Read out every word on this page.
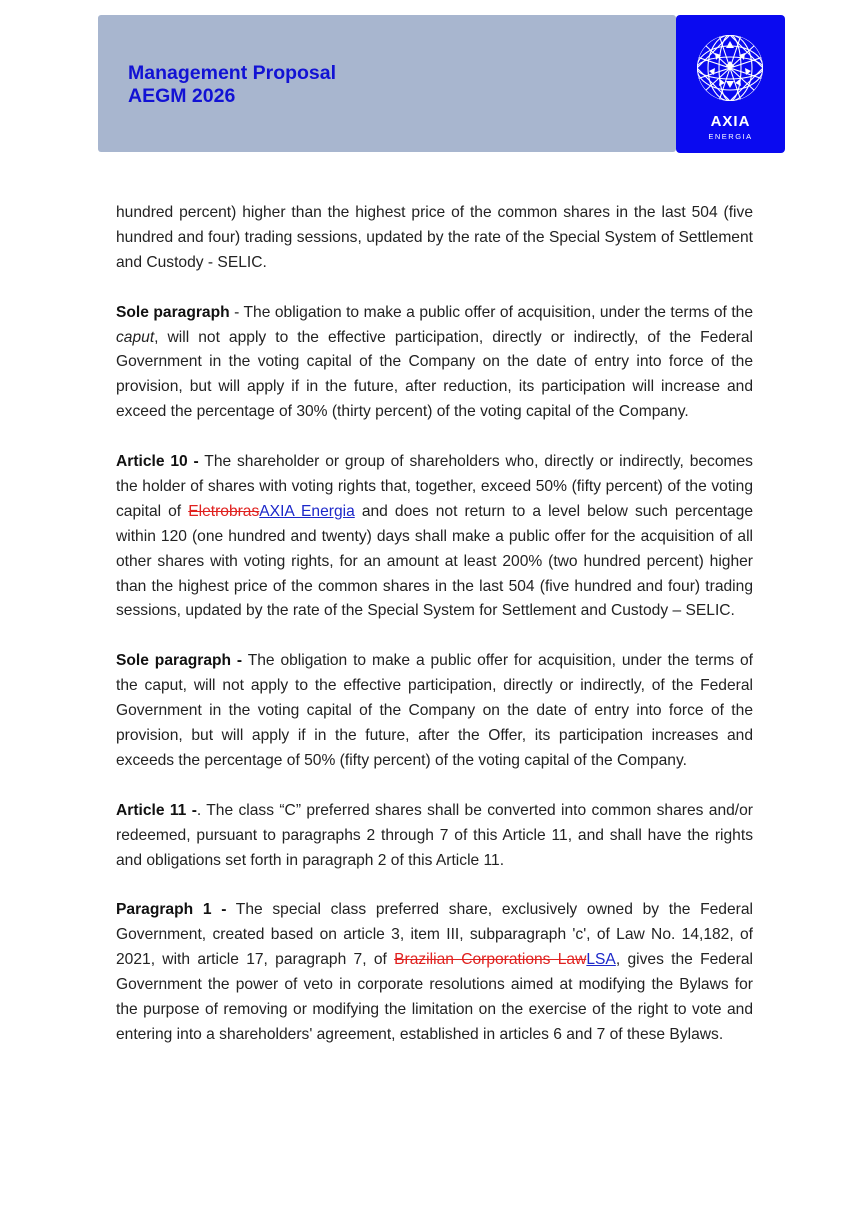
Management Proposal
AEGM 2026
AXIA
ENERGIA

hundred percent) higher than the highest price of the common shares in the last 504 (five hundred and four) trading sessions, updated by the rate of the Special System of Settlement and Custody - SELIC.

Sole paragraph - The obligation to make a public offer of acquisition, under the terms of the caput, will not apply to the effective participation, directly or indirectly, of the Federal Government in the voting capital of the Company on the date of entry into force of the provision, but will apply if in the future, after reduction, its participation will increase and exceed the percentage of 30% (thirty percent) of the voting capital of the Company.

Article 10 - The shareholder or group of shareholders who, directly or indirectly, becomes the holder of shares with voting rights that, together, exceed 50% (fifty percent) of the voting capital of EletrobrasAXIA Energia and does not return to a level below such percentage within 120 (one hundred and twenty) days shall make a public offer for the acquisition of all other shares with voting rights, for an amount at least 200% (two hundred percent) higher than the highest price of the common shares in the last 504 (five hundred and four) trading sessions, updated by the rate of the Special System for Settlement and Custody – SELIC.

Sole paragraph - The obligation to make a public offer for acquisition, under the terms of the caput, will not apply to the effective participation, directly or indirectly, of the Federal Government in the voting capital of the Company on the date of entry into force of the provision, but will apply if in the future, after the Offer, its participation increases and exceeds the percentage of 50% (fifty percent) of the voting capital of the Company.

Article 11 -. The class “C” preferred shares shall be converted into common shares and/or redeemed, pursuant to paragraphs 2 through 7 of this Article 11, and shall have the rights and obligations set forth in paragraph 2 of this Article 11.

Paragraph 1 - The special class preferred share, exclusively owned by the Federal Government, created based on article 3, item III, subparagraph 'c', of Law No. 14,182, of 2021, with article 17, paragraph 7, of Brazilian Corporations LawLSA, gives the Federal Government the power of veto in corporate resolutions aimed at modifying the Bylaws for the purpose of removing or modifying the limitation on the exercise of the right to vote and entering into a shareholders' agreement, established in articles 6 and 7 of these Bylaws.
